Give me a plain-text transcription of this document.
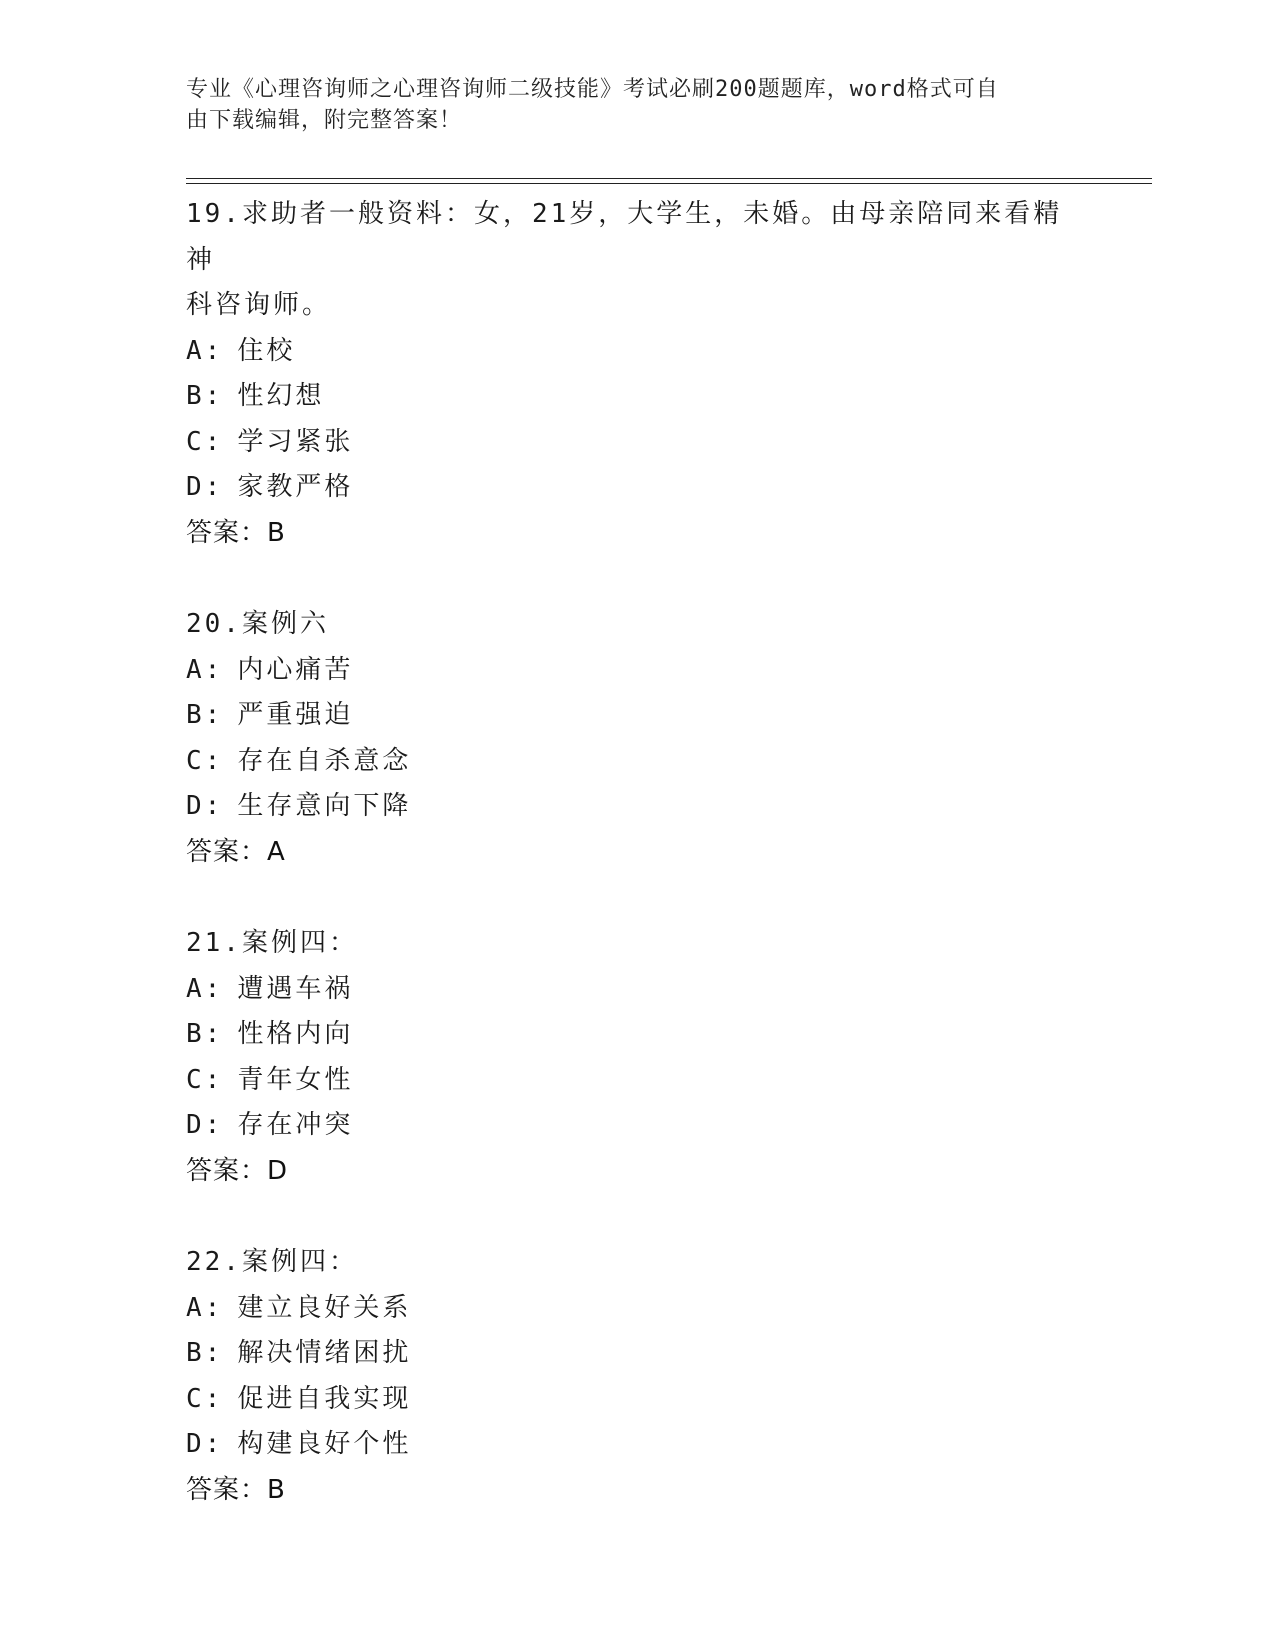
专业《心理咨询师之心理咨询师二级技能》考试必刷200题题库，word格式可自
由下载编辑，附完整答案！
19.求助者一般资料：女，21岁，大学生，未婚。由母亲陪同来看精神
科咨询师。
A: 住校
B: 性幻想
C: 学习紧张
D: 家教严格
答案：B
20.案例六
A: 内心痛苦
B: 严重强迫
C: 存在自杀意念
D: 生存意向下降
答案：A
21.案例四：
A: 遭遇车祸
B: 性格内向
C: 青年女性
D: 存在冲突
答案：D
22.案例四：
A: 建立良好关系
B: 解决情绪困扰
C: 促进自我实现
D: 构建良好个性
答案：B
